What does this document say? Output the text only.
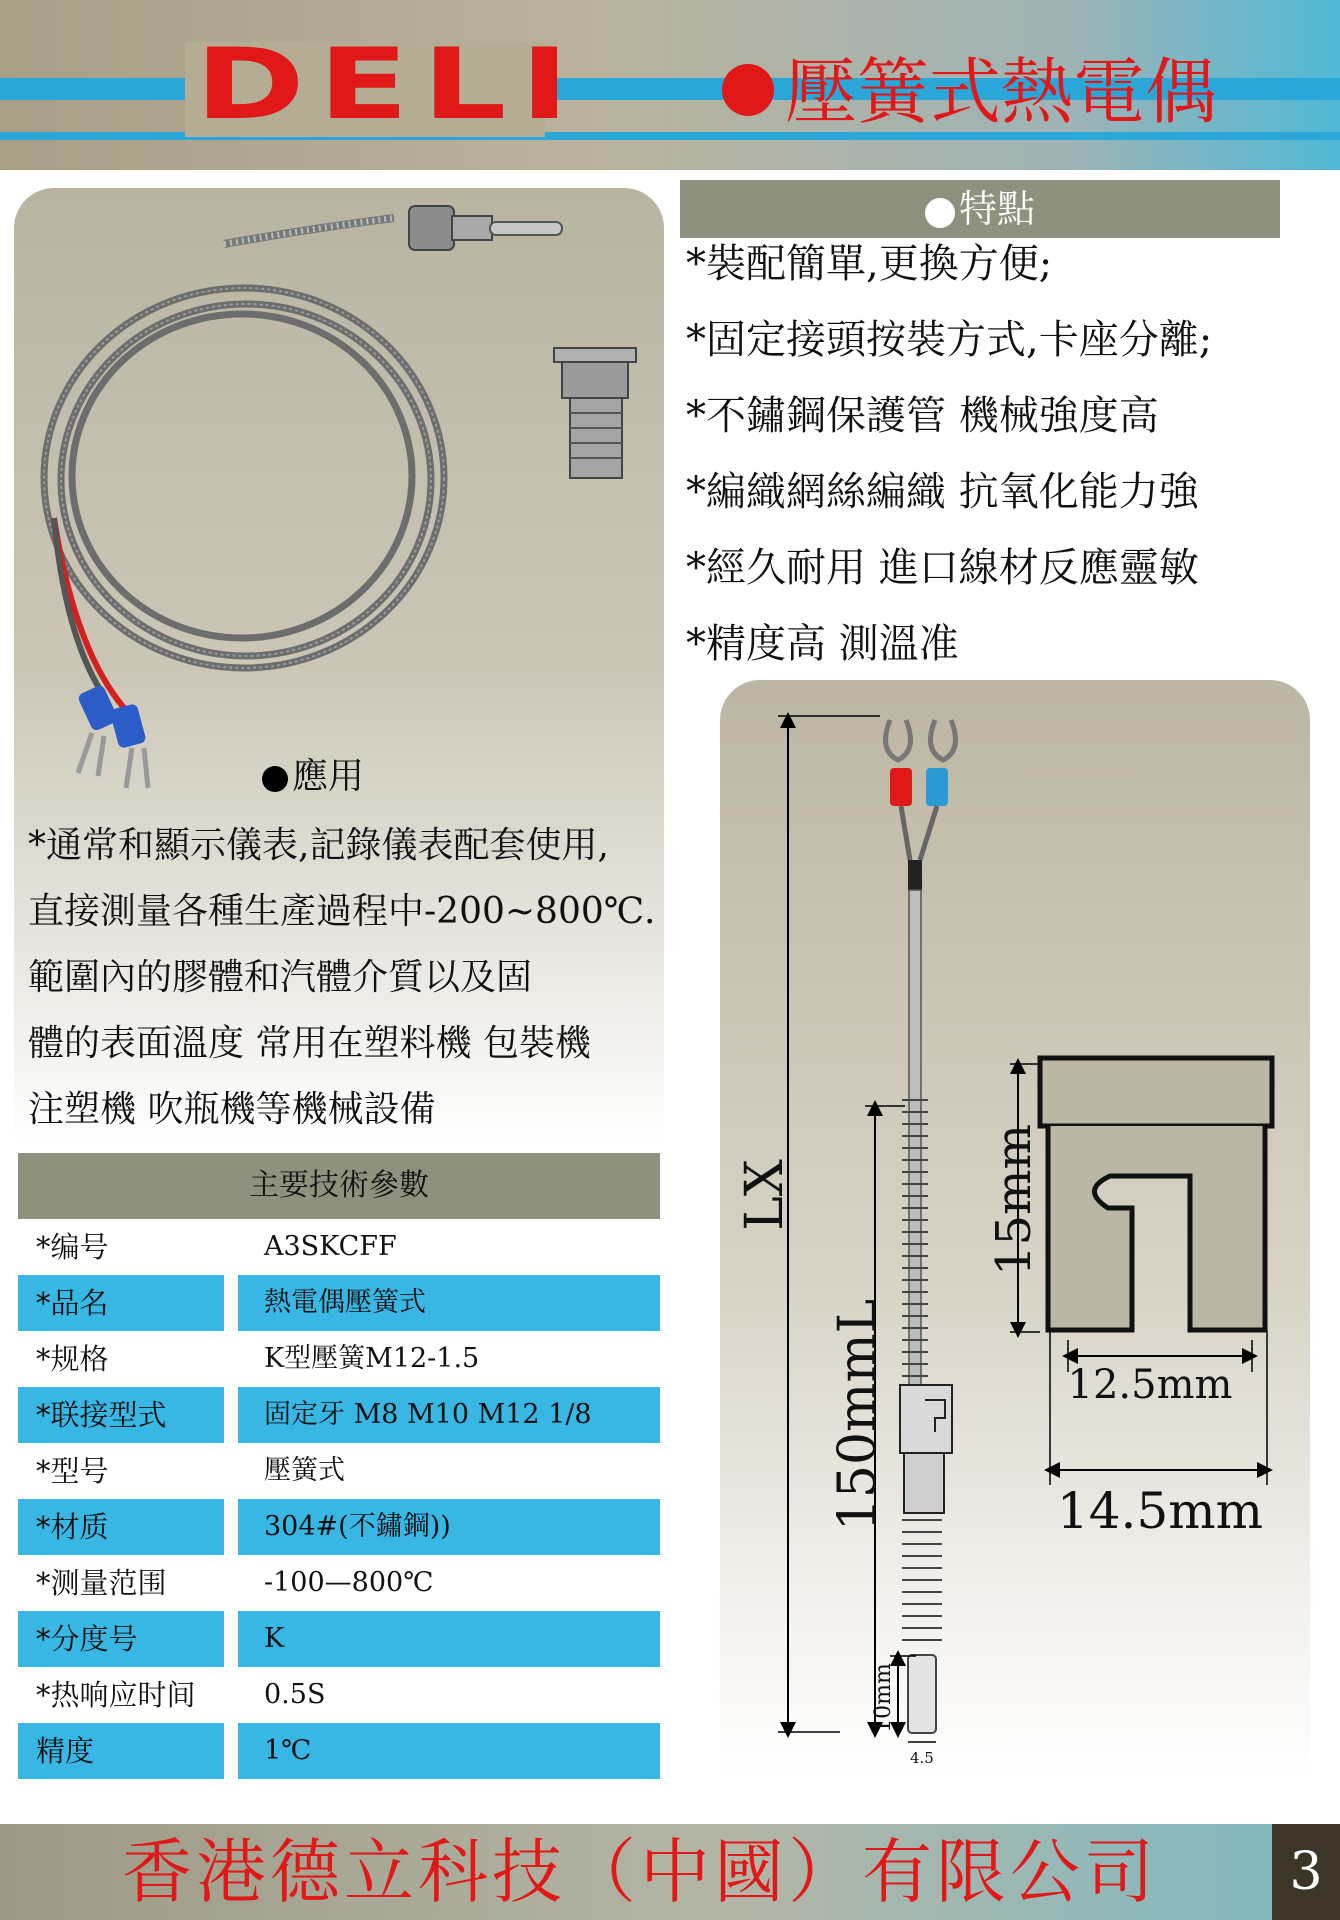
DELI	壓簧式熱電偶
應用
*通常和顯示儀表,記錄儀表配套使用,
直接測量各種生產過程中-200~800℃.
範圍內的膠體和汽體介質以及固
體的表面溫度 常用在塑料機 包裝機
注塑機 吹瓶機等機械設備
主要技術參數
*编号	A3SKCFF
*品名	熱電偶壓簧式
*规格	K型壓簧M12-1.5
*联接型式	固定牙 M8 M10 M12 1/8
*型号	壓簧式
*材质	304#(不鏽鋼))
*测量范围	-100—800℃
*分度号	K
*热响应时间	0.5S
精度	1℃
特點
*裝配簡單,更換方便;
*固定接頭按裝方式,卡座分離;
*不鏽鋼保護管 機械強度高
*編織網絲編織 抗氧化能力強
*經久耐用 進口線材反應靈敏
*精度高 測溫准
LX
4.5
150mmL
10mm
15mm
12.5mm
14.5mm
香港德立科技（中國）有限公司	3
